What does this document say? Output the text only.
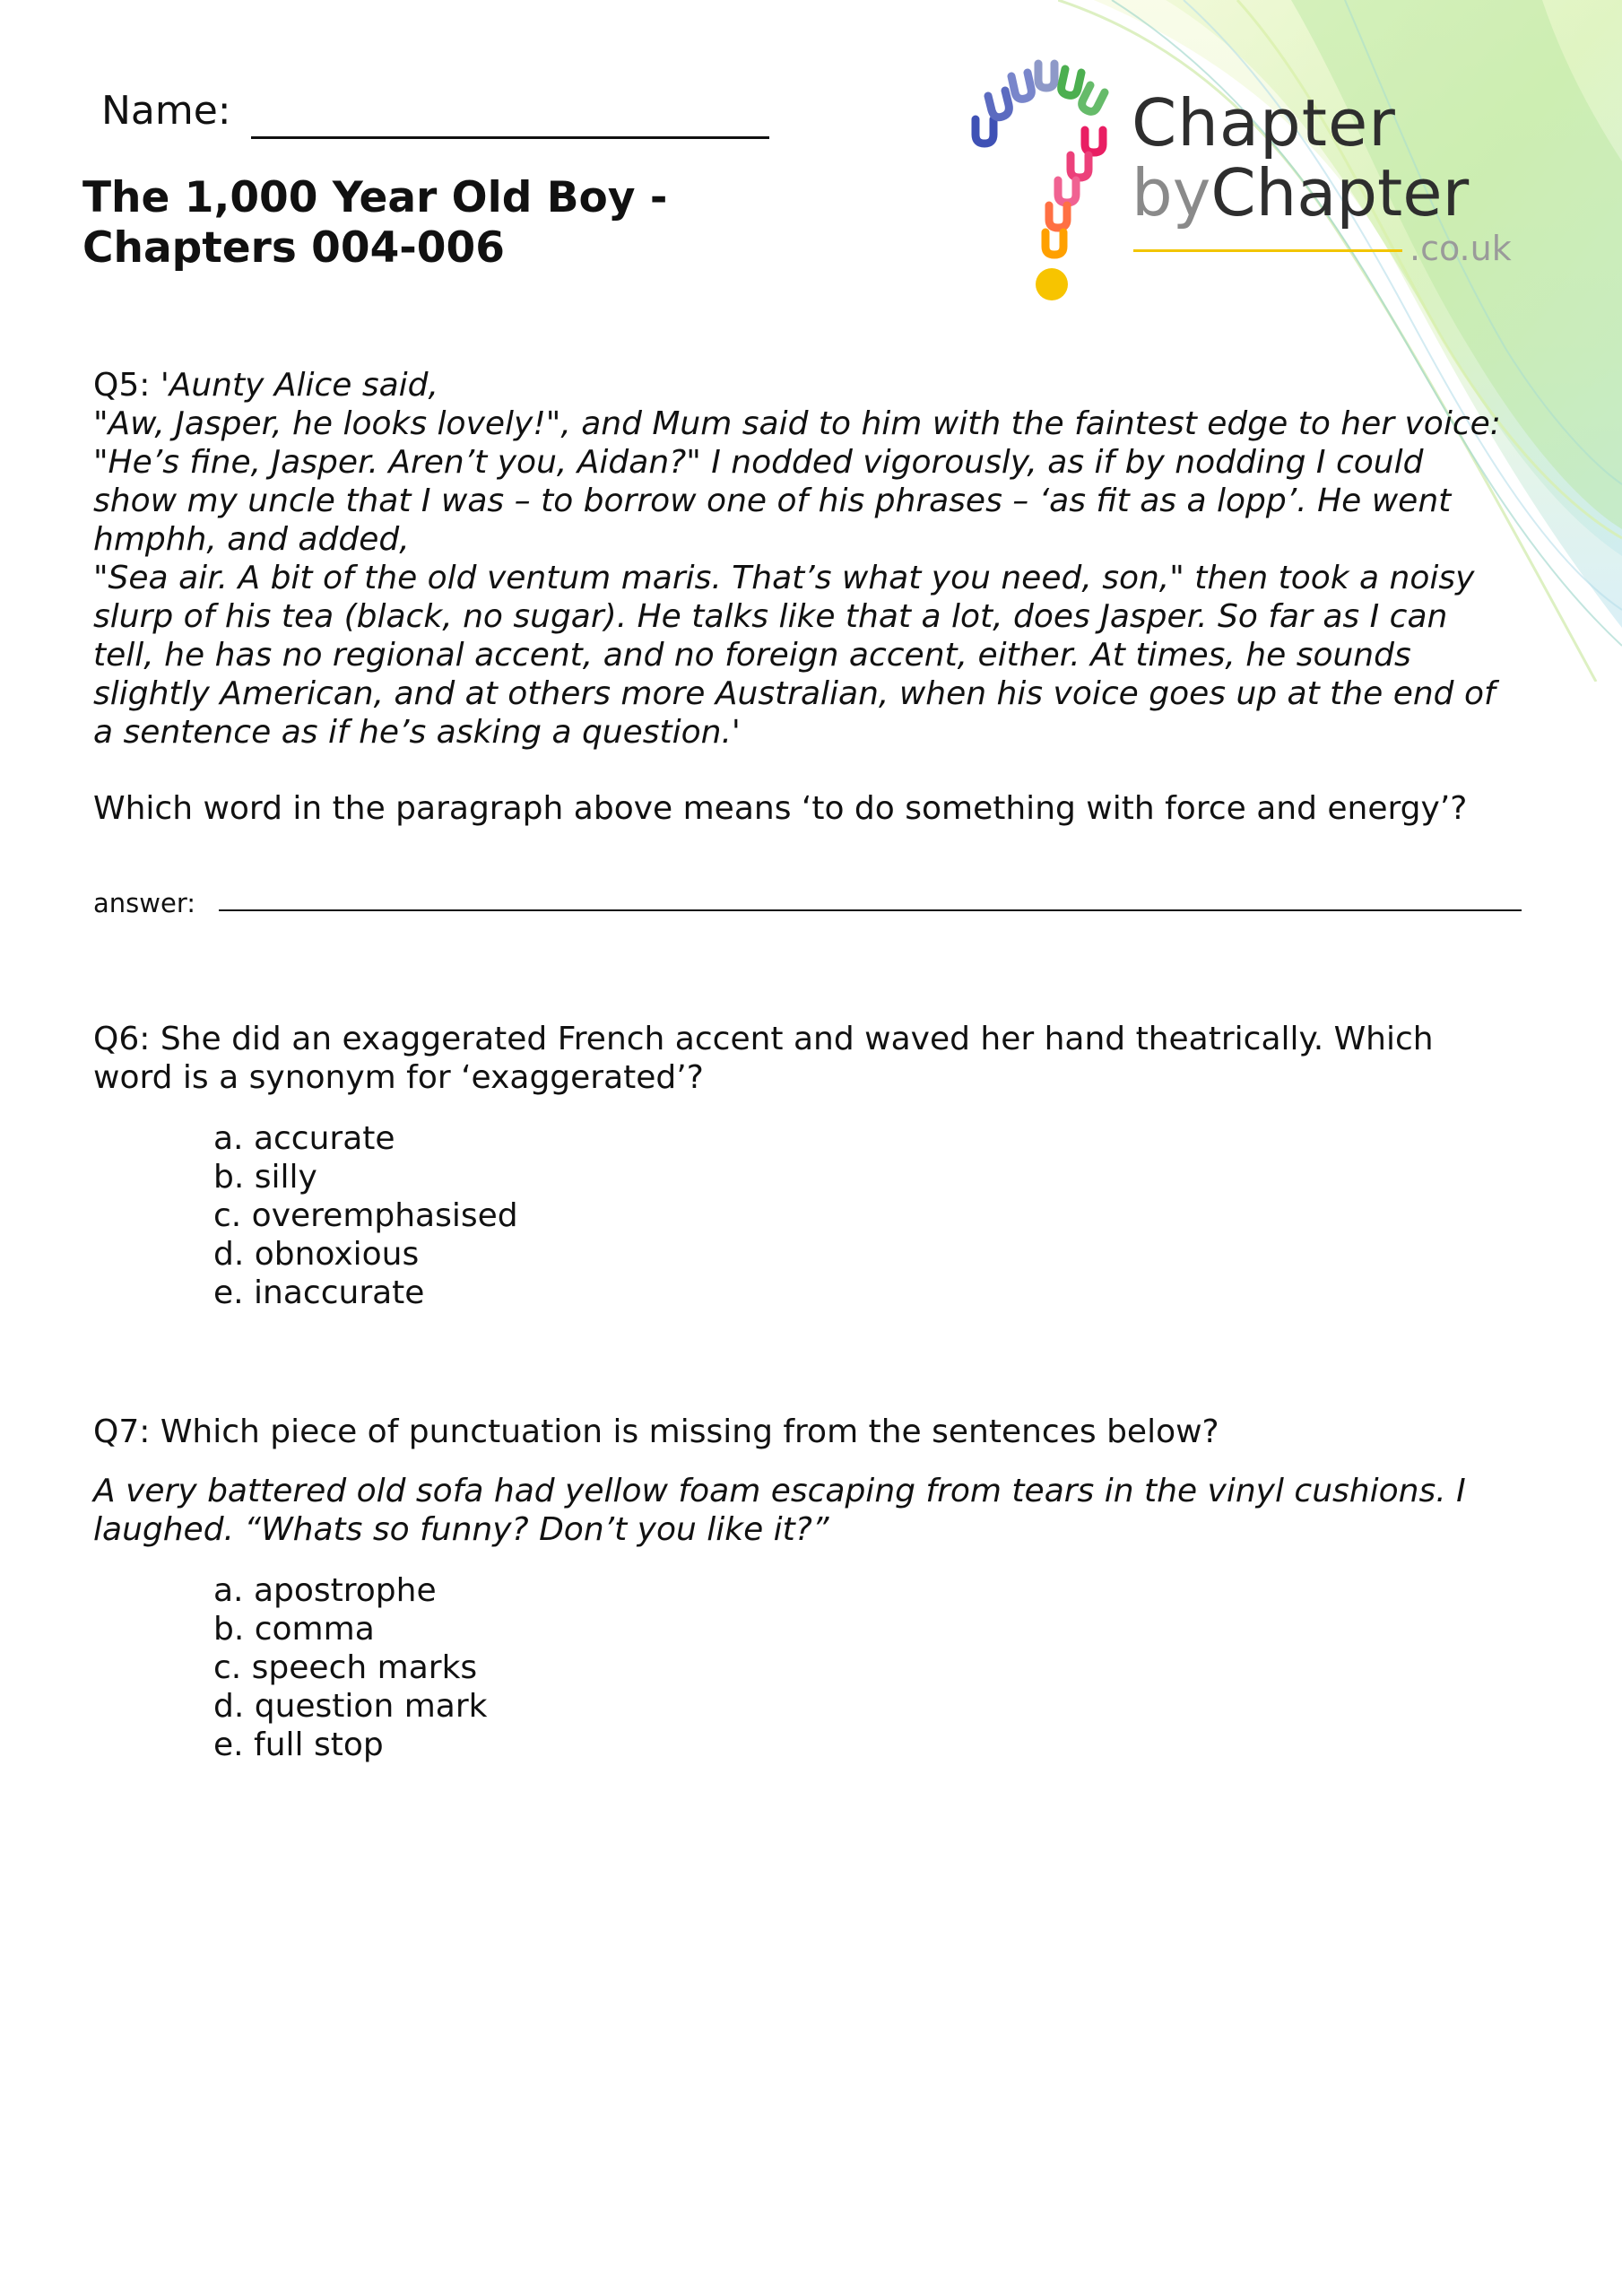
Name:
The 1,000 Year Old Boy -
Chapters 004-006
Chapter
byChapter
.co.uk
Q5: 'Aunty Alice said,
"Aw, Jasper, he looks lovely!", and Mum said to him with the faintest edge to her voice:
"He’s fine, Jasper. Aren’t you, Aidan?" I nodded vigorously, as if by nodding I could
show my uncle that I was – to borrow one of his phrases – ‘as fit as a lopp’. He went
hmphh, and added,
"Sea air. A bit of the old ventum maris. That’s what you need, son," then took a noisy
slurp of his tea (black, no sugar). He talks like that a lot, does Jasper. So far as I can
tell, he has no regional accent, and no foreign accent, either. At times, he sounds
slightly American, and at others more Australian, when his voice goes up at the end of
a sentence as if he’s asking a question.'
Which word in the paragraph above means ‘to do something with force and energy’?
answer:
Q6: She did an exaggerated French accent and waved her hand theatrically. Which word is a synonym for ‘exaggerated’?
a. accurate
b. silly
c. overemphasised
d. obnoxious
e. inaccurate
Q7: Which piece of punctuation is missing from the sentences below?
A very battered old sofa had yellow foam escaping from tears in the vinyl cushions. I laughed. “Whats so funny? Don’t you like it?”
a. apostrophe
b. comma
c. speech marks
d. question mark
e. full stop
